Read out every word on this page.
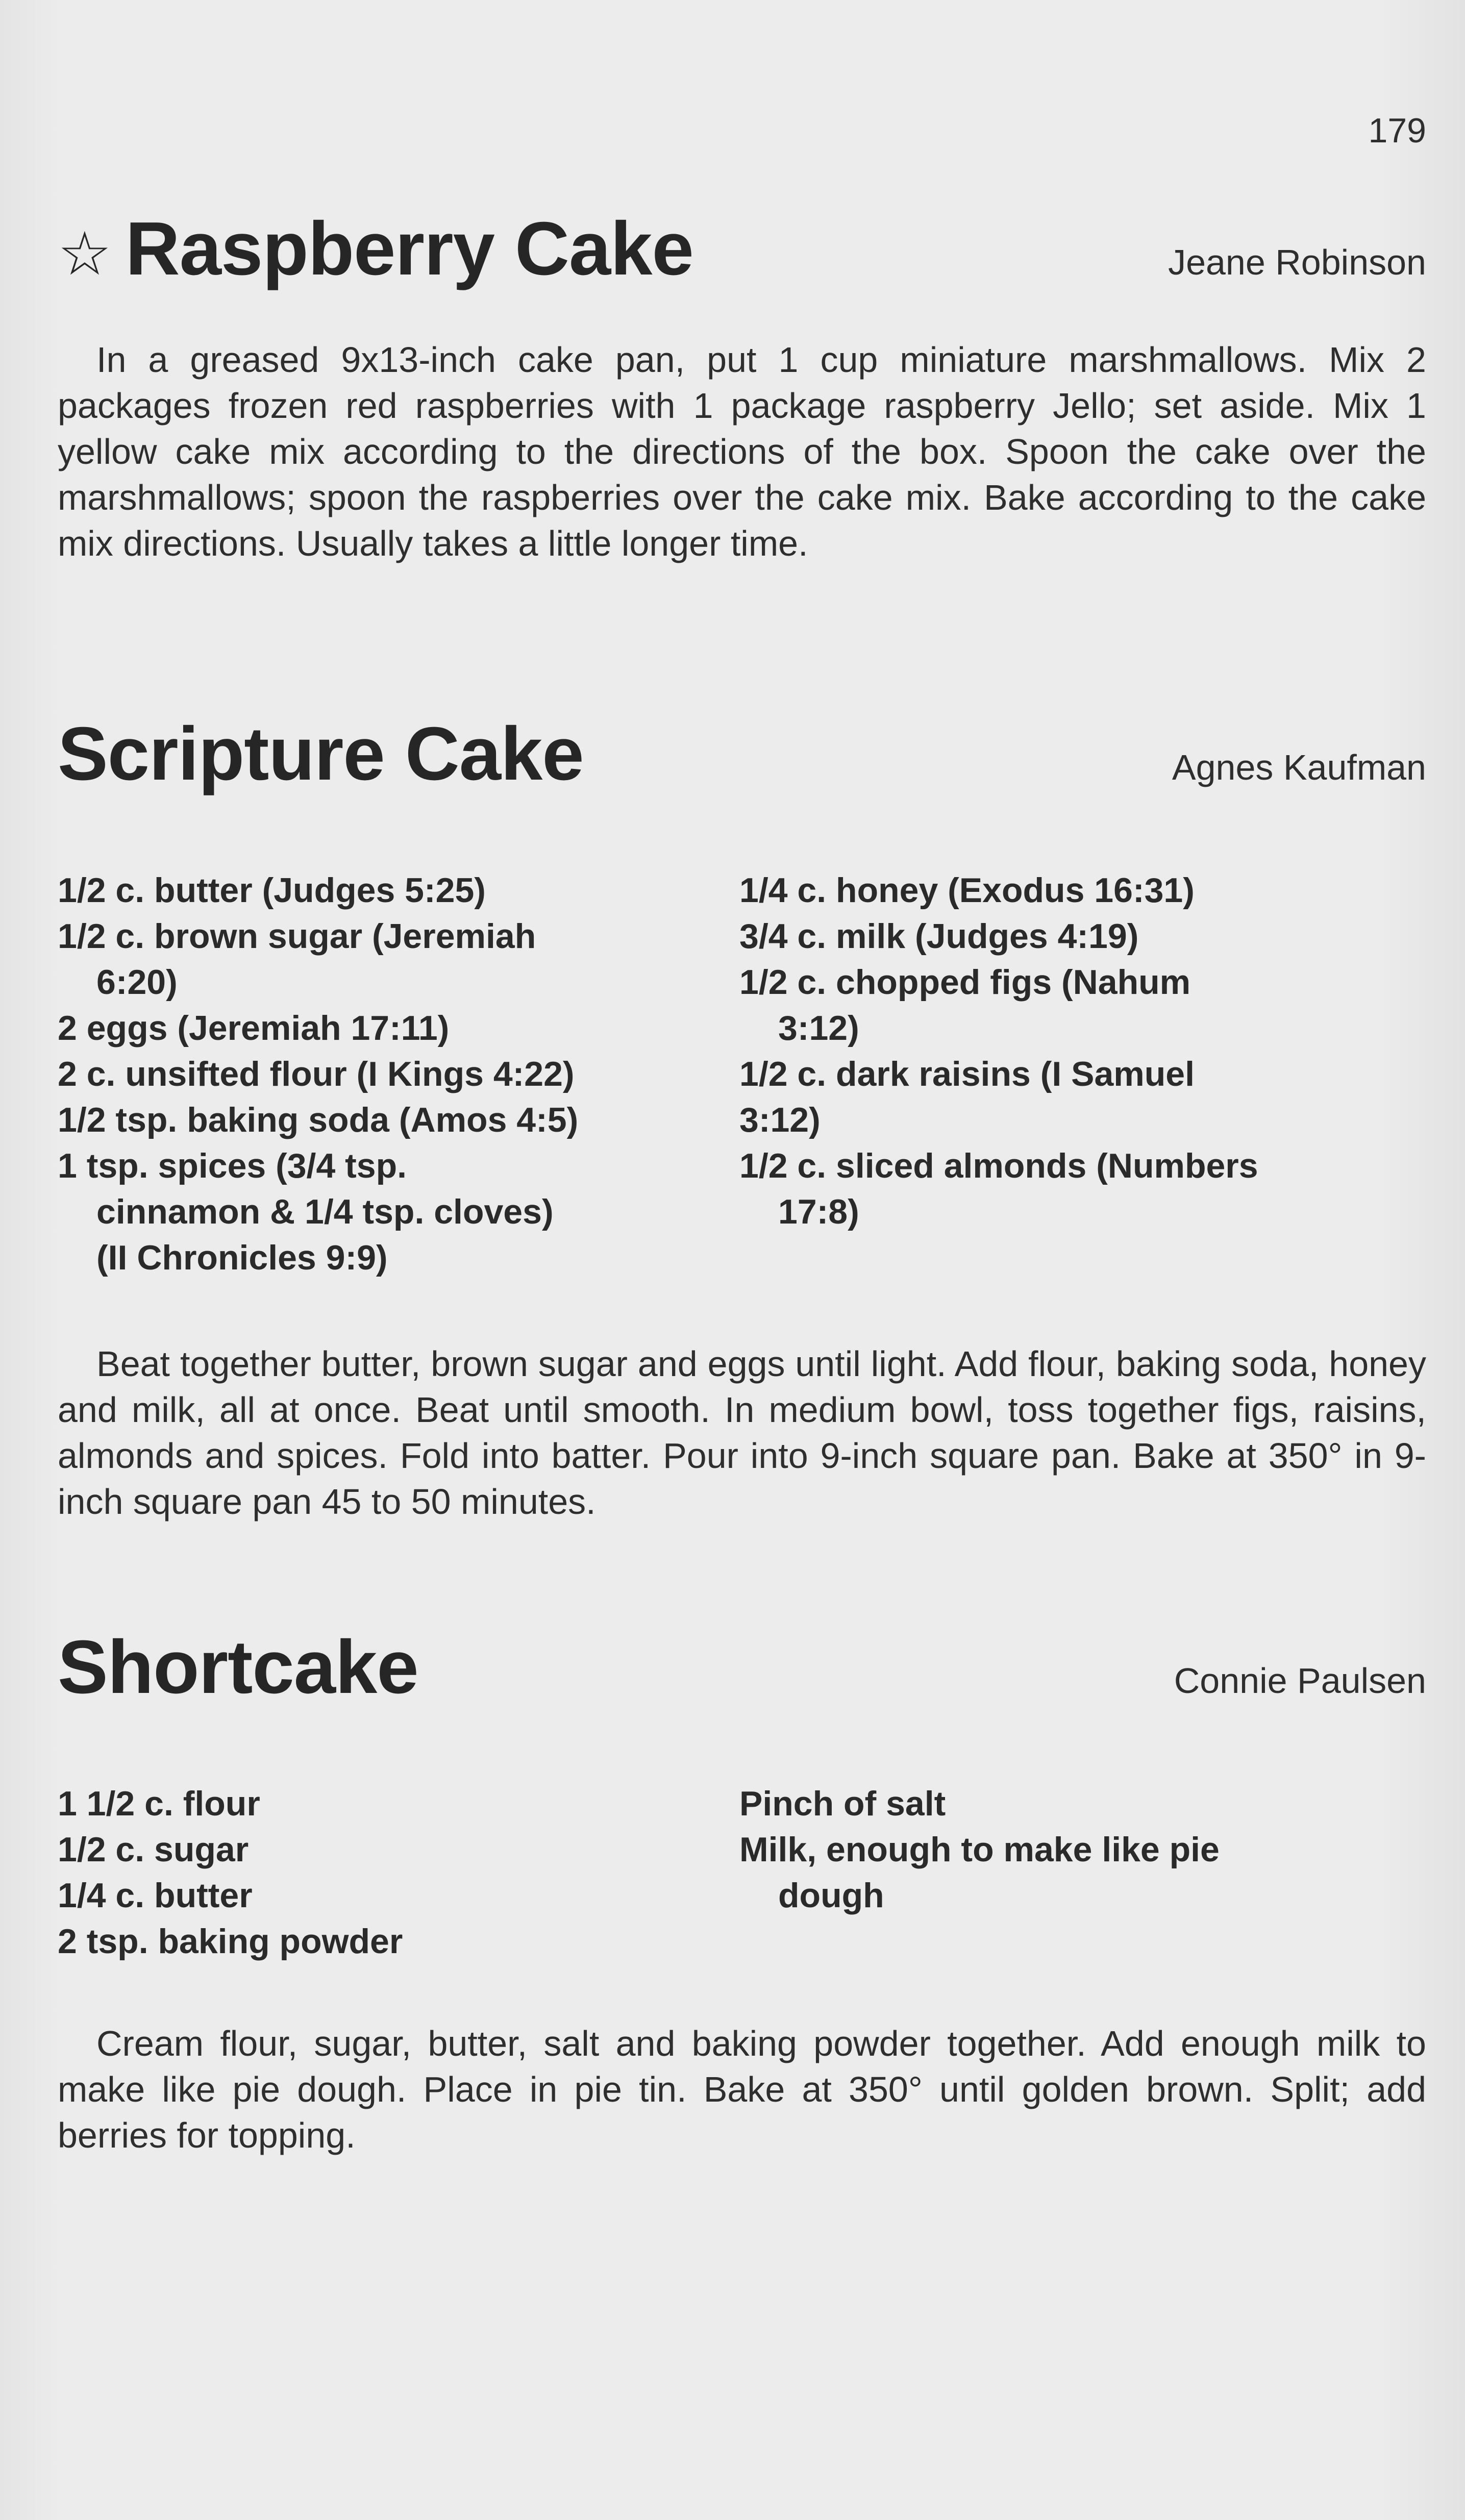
179
☆ Raspberry Cake	Jeane Robinson

In a greased 9x13-inch cake pan, put 1 cup miniature marshmallows. Mix 2 packages frozen red raspberries with 1 package raspberry Jello; set aside. Mix 1 yellow cake mix according to the directions of the box. Spoon the cake over the marshmallows; spoon the raspberries over the cake mix. Bake according to the cake mix directions. Usually takes a little longer time.

Scripture Cake	Agnes Kaufman
1/2 c. butter (Judges 5:25)
1/2 c. brown sugar (Jeremiah
6:20)
2 eggs (Jeremiah 17:11)
2 c. unsifted flour (I Kings 4:22)
1/2 tsp. baking soda (Amos 4:5)
1 tsp. spices (3/4 tsp.
cinnamon & 1/4 tsp. cloves)
(II Chronicles 9:9)
1/4 c. honey (Exodus 16:31)
3/4 c. milk (Judges 4:19)
1/2 c. chopped figs (Nahum
3:12)
1/2 c. dark raisins (I Samuel
3:12)
1/2 c. sliced almonds (Numbers
17:8)

Beat together butter, brown sugar and eggs until light. Add flour, baking soda, honey and milk, all at once. Beat until smooth. In medium bowl, toss together figs, raisins, almonds and spices. Fold into batter. Pour into 9-inch square pan. Bake at 350° in 9-inch square pan 45 to 50 minutes.

Shortcake	Connie Paulsen
1 1/2 c. flour
1/2 c. sugar
1/4 c. butter
2 tsp. baking powder
Pinch of salt
Milk, enough to make like pie
dough

Cream flour, sugar, butter, salt and baking powder together. Add enough milk to make like pie dough. Place in pie tin. Bake at 350° until golden brown. Split; add berries for topping.
